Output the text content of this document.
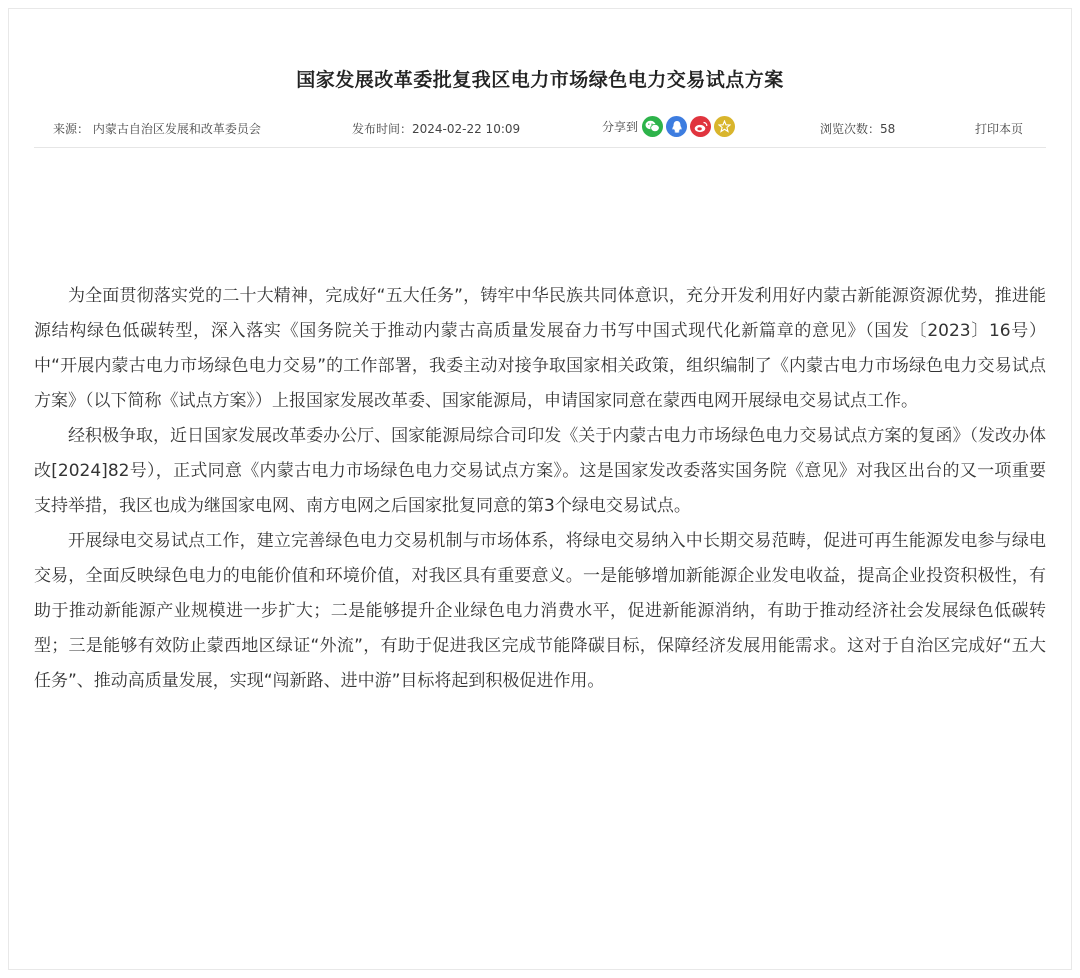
国家发展改革委批复我区电力市场绿色电力交易试点方案
来源： 内蒙古自治区发展和改革委员会	发布时间：2024-02-22 10:09	分享到	浏览次数：58	打印本页

为全面贯彻落实党的二十大精神，完成好“五大任务”，铸牢中华民族共同体意识，充分开发利用好内蒙古新能源资源优势，推进能源结构绿色低碳转型，深入落实《国务院关于推动内蒙古高质量发展奋力书写中国式现代化新篇章的意见》（国发〔2023〕16号）中“开展内蒙古电力市场绿色电力交易”的工作部署，我委主动对接争取国家相关政策，组织编制了《内蒙古电力市场绿色电力交易试点方案》（以下简称《试点方案》）上报国家发展改革委、国家能源局，申请国家同意在蒙西电网开展绿电交易试点工作。

经积极争取，近日国家发展改革委办公厅、国家能源局综合司印发《关于内蒙古电力市场绿色电力交易试点方案的复函》（发改办体改[2024]82号），正式同意《内蒙古电力市场绿色电力交易试点方案》。这是国家发改委落实国务院《意见》对我区出台的又一项重要支持举措，我区也成为继国家电网、南方电网之后国家批复同意的第3个绿电交易试点。

开展绿电交易试点工作，建立完善绿色电力交易机制与市场体系，将绿电交易纳入中长期交易范畴，促进可再生能源发电参与绿电交易，全面反映绿色电力的电能价值和环境价值，对我区具有重要意义。一是能够增加新能源企业发电收益，提高企业投资积极性，有助于推动新能源产业规模进一步扩大；二是能够提升企业绿色电力消费水平，促进新能源消纳，有助于推动经济社会发展绿色低碳转型；三是能够有效防止蒙西地区绿证“外流”，有助于促进我区完成节能降碳目标，保障经济发展用能需求。这对于自治区完成好“五大任务”、推动高质量发展，实现“闯新路、进中游”目标将起到积极促进作用。
